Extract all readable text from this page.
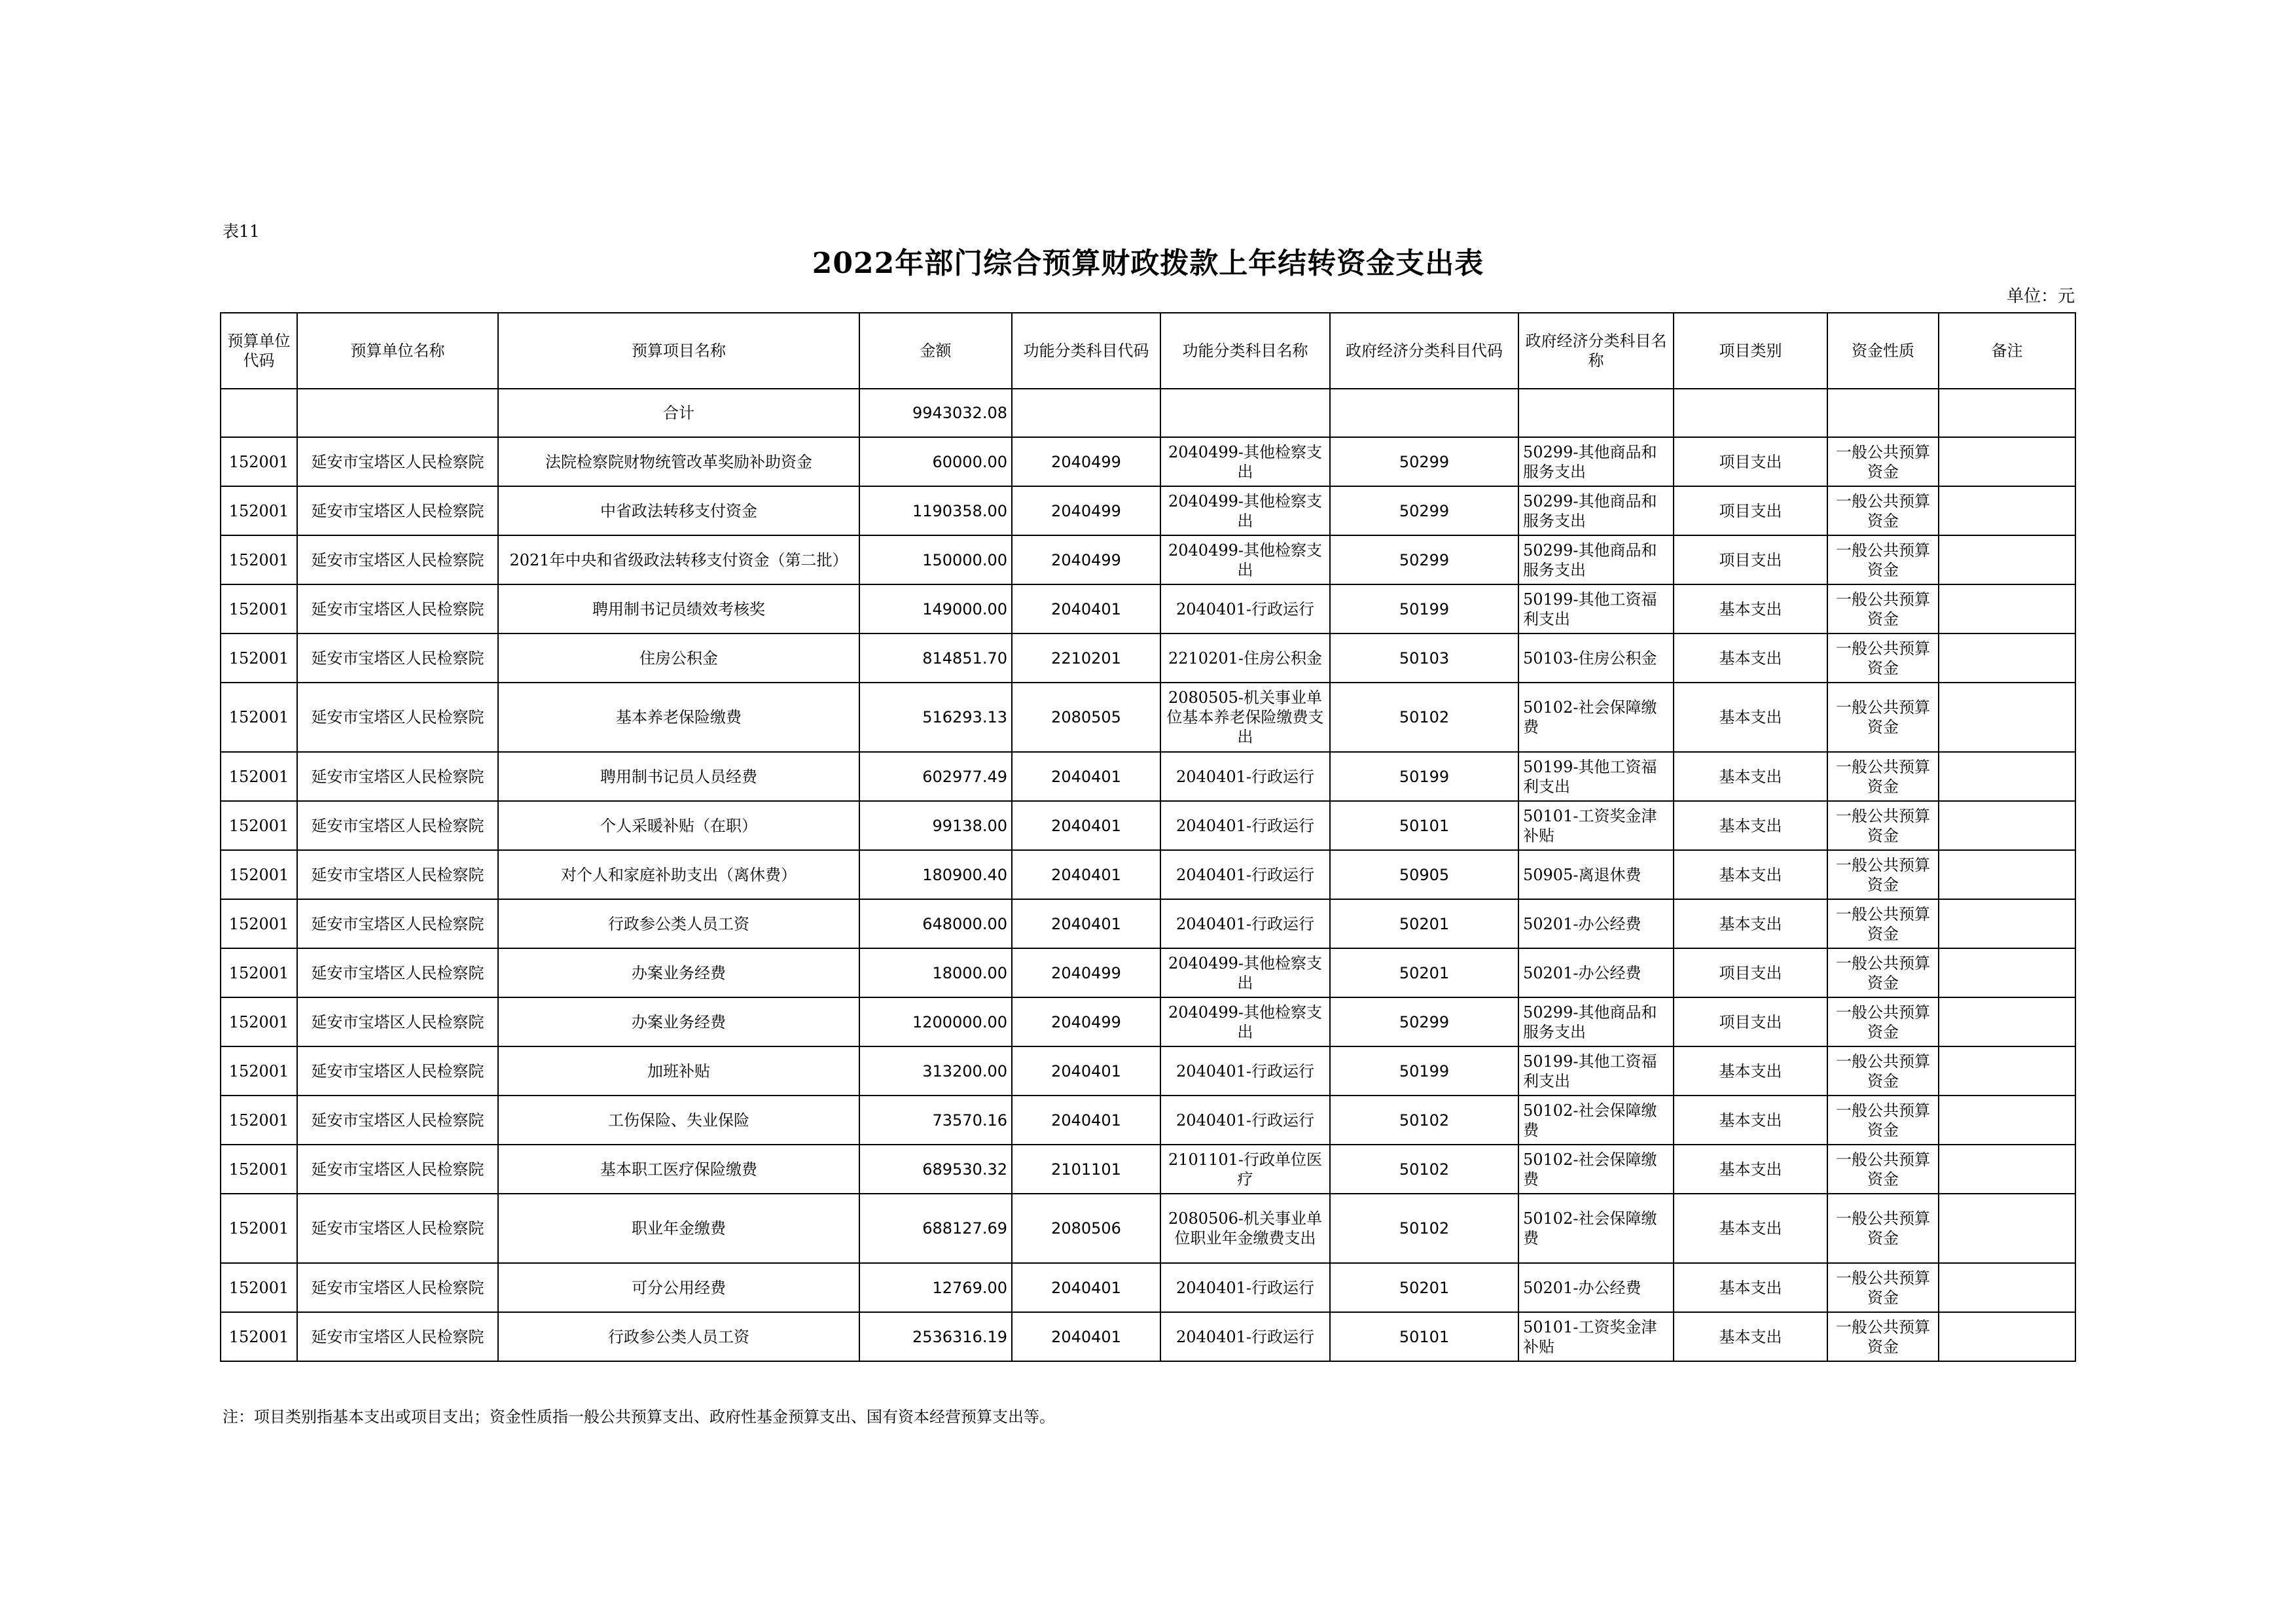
表11
2022年部门综合预算财政拨款上年结转资金支出表
单位：元
预算单位代码	预算单位名称	预算项目名称	金额	功能分类科目代码	功能分类科目名称	政府经济分类科目代码	政府经济分类科目名称	项目类别	资金性质	备注
		合计	9943032.08							
152001	延安市宝塔区人民检察院	法院检察院财物统管改革奖励补助资金	60000.00	2040499	2040499-其他检察支出	50299	50299-其他商品和服务支出	项目支出	一般公共预算资金	
152001	延安市宝塔区人民检察院	中省政法转移支付资金	1190358.00	2040499	2040499-其他检察支出	50299	50299-其他商品和服务支出	项目支出	一般公共预算资金	
152001	延安市宝塔区人民检察院	2021年中央和省级政法转移支付资金（第二批）	150000.00	2040499	2040499-其他检察支出	50299	50299-其他商品和服务支出	项目支出	一般公共预算资金	
152001	延安市宝塔区人民检察院	聘用制书记员绩效考核奖	149000.00	2040401	2040401-行政运行	50199	50199-其他工资福利支出	基本支出	一般公共预算资金	
152001	延安市宝塔区人民检察院	住房公积金	814851.70	2210201	2210201-住房公积金	50103	50103-住房公积金	基本支出	一般公共预算资金	
152001	延安市宝塔区人民检察院	基本养老保险缴费	516293.13	2080505	2080505-机关事业单位基本养老保险缴费支出	50102	50102-社会保障缴费	基本支出	一般公共预算资金	
152001	延安市宝塔区人民检察院	聘用制书记员人员经费	602977.49	2040401	2040401-行政运行	50199	50199-其他工资福利支出	基本支出	一般公共预算资金	
152001	延安市宝塔区人民检察院	个人采暖补贴（在职）	99138.00	2040401	2040401-行政运行	50101	50101-工资奖金津补贴	基本支出	一般公共预算资金	
152001	延安市宝塔区人民检察院	对个人和家庭补助支出（离休费）	180900.40	2040401	2040401-行政运行	50905	50905-离退休费	基本支出	一般公共预算资金	
152001	延安市宝塔区人民检察院	行政参公类人员工资	648000.00	2040401	2040401-行政运行	50201	50201-办公经费	基本支出	一般公共预算资金	
152001	延安市宝塔区人民检察院	办案业务经费	18000.00	2040499	2040499-其他检察支出	50201	50201-办公经费	项目支出	一般公共预算资金	
152001	延安市宝塔区人民检察院	办案业务经费	1200000.00	2040499	2040499-其他检察支出	50299	50299-其他商品和服务支出	项目支出	一般公共预算资金	
152001	延安市宝塔区人民检察院	加班补贴	313200.00	2040401	2040401-行政运行	50199	50199-其他工资福利支出	基本支出	一般公共预算资金	
152001	延安市宝塔区人民检察院	工伤保险、失业保险	73570.16	2040401	2040401-行政运行	50102	50102-社会保障缴费	基本支出	一般公共预算资金	
152001	延安市宝塔区人民检察院	基本职工医疗保险缴费	689530.32	2101101	2101101-行政单位医疗	50102	50102-社会保障缴费	基本支出	一般公共预算资金	
152001	延安市宝塔区人民检察院	职业年金缴费	688127.69	2080506	2080506-机关事业单位职业年金缴费支出	50102	50102-社会保障缴费	基本支出	一般公共预算资金	
152001	延安市宝塔区人民检察院	可分公用经费	12769.00	2040401	2040401-行政运行	50201	50201-办公经费	基本支出	一般公共预算资金	
152001	延安市宝塔区人民检察院	行政参公类人员工资	2536316.19	2040401	2040401-行政运行	50101	50101-工资奖金津补贴	基本支出	一般公共预算资金	
注：项目类别指基本支出或项目支出；资金性质指一般公共预算支出、政府性基金预算支出、国有资本经营预算支出等。
